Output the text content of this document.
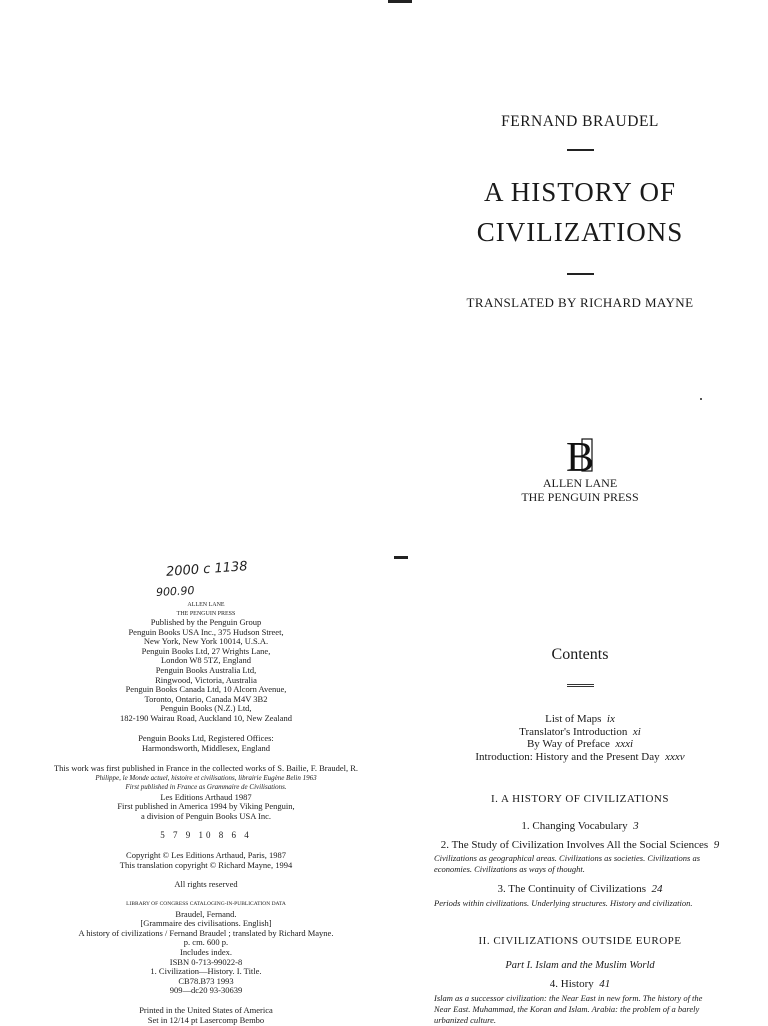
FERNAND BRAUDEL
A HISTORY OF
CIVILIZATIONS
TRANSLATED BY RICHARD MAYNE
B
ALLEN LANE
THE PENGUIN PRESS
2000 c 1138
900.90
ALLEN LANE
THE PENGUIN PRESS
Published by the Penguin Group
Penguin Books USA Inc., 375 Hudson Street,
New York, New York 10014, U.S.A.
Penguin Books Ltd, 27 Wrights Lane,
London W8 5TZ, England
Penguin Books Australia Ltd,
Ringwood, Victoria, Australia
Penguin Books Canada Ltd, 10 Alcorn Avenue,
Toronto, Ontario, Canada M4V 3B2
Penguin Books (N.Z.) Ltd,
182-190 Wairau Road, Auckland 10, New Zealand
Penguin Books Ltd, Registered Offices:
Harmondsworth, Middlesex, England
This work was first published in France in the collected works of S. Bailie, F. Braudel, R.
Philippe, le Monde actuel, histoire et civilisations, librairie Eugène Belin 1963
First published in France as Grammaire de Civilisations.
Les Editions Arthaud 1987
First published in America 1994 by Viking Penguin,
a division of Penguin Books USA Inc.
5 7 9 10 8 6 4
Copyright © Les Editions Arthaud, Paris, 1987
This translation copyright © Richard Mayne, 1994
All rights reserved
LIBRARY OF CONGRESS CATALOGING-IN-PUBLICATION DATA
Braudel, Fernand.
[Grammaire des civilisations. English]
A history of civilizations / Fernand Braudel ; translated by Richard Mayne.
p. cm. 600 p.
Includes index.
ISBN 0-713-99022-8
1. Civilization—History. I. Title.
CB78.B73 1993
909—dc20 93-30639
Printed in the United States of America
Set in 12/14 pt Lasercomp Bembo
Contents
List of Maps ix
Translator's Introduction xi
By Way of Preface xxxi
Introduction: History and the Present Day xxxv
I. A HISTORY OF CIVILIZATIONS
1. Changing Vocabulary 3
2. The Study of Civilization Involves All the Social Sciences 9
Civilizations as geographical areas. Civilizations as societies. Civilizations as
economies. Civilizations as ways of thought.
3. The Continuity of Civilizations 24
Periods within civilizations. Underlying structures. History and civilization.
II. CIVILIZATIONS OUTSIDE EUROPE
Part I. Islam and the Muslim World
4. History 41
Islam as a successor civilization: the Near East in new form. The history of the
Near East. Muhammad, the Koran and Islam. Arabia: the problem of a barely
urbanized culture.
